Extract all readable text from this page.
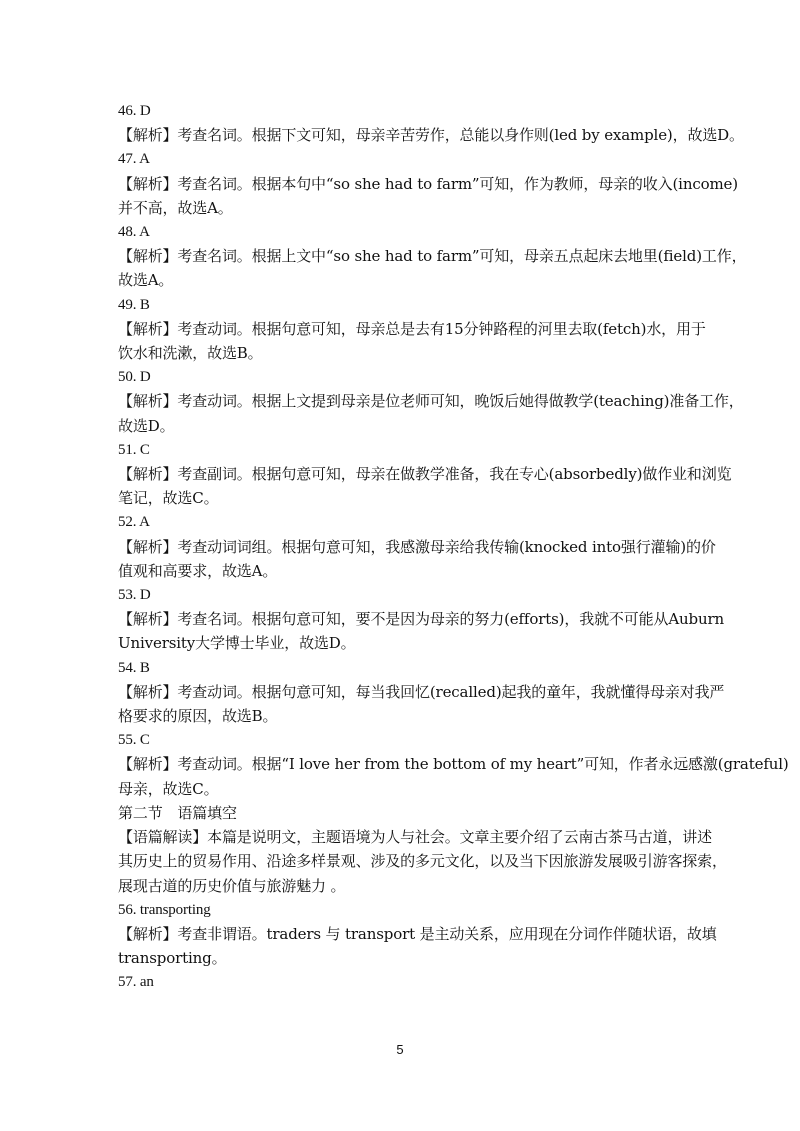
46. D
【解析】考查名词。根据下文可知，母亲辛苦劳作，总能以身作则(led by example)，故选D。
47. A
【解析】考查名词。根据本句中“so she had to farm”可知，作为教师，母亲的收入(income)
并不高，故选A。
48. A
【解析】考查名词。根据上文中“so she had to farm”可知，母亲五点起床去地里(field)工作，
故选A。
49. B
【解析】考查动词。根据句意可知，母亲总是去有15分钟路程的河里去取(fetch)水，用于
饮水和洗漱，故选B。
50. D
【解析】考查动词。根据上文提到母亲是位老师可知，晚饭后她得做教学(teaching)准备工作，
故选D。
51. C
【解析】考查副词。根据句意可知，母亲在做教学准备，我在专心(absorbedly)做作业和浏览
笔记，故选C。
52. A
【解析】考查动词词组。根据句意可知，我感激母亲给我传输(knocked into强行灌输)的价
值观和高要求，故选A。
53. D
【解析】考查名词。根据句意可知，要不是因为母亲的努力(efforts)，我就不可能从Auburn
University大学博士毕业，故选D。
54. B
【解析】考查动词。根据句意可知，每当我回忆(recalled)起我的童年，我就懂得母亲对我严
格要求的原因，故选B。
55. C
【解析】考查动词。根据“I love her from the bottom of my heart”可知，作者永远感激(grateful)
母亲，故选C。
第二节　语篇填空
【语篇解读】本篇是说明文，主题语境为人与社会。文章主要介绍了云南古茶马古道，讲述
其历史上的贸易作用、沿途多样景观、涉及的多元文化，以及当下因旅游发展吸引游客探索，
展现古道的历史价值与旅游魅力 。
56. transporting
【解析】考查非谓语。traders 与 transport 是主动关系，应用现在分词作伴随状语，故填
transporting。
57. an
5
